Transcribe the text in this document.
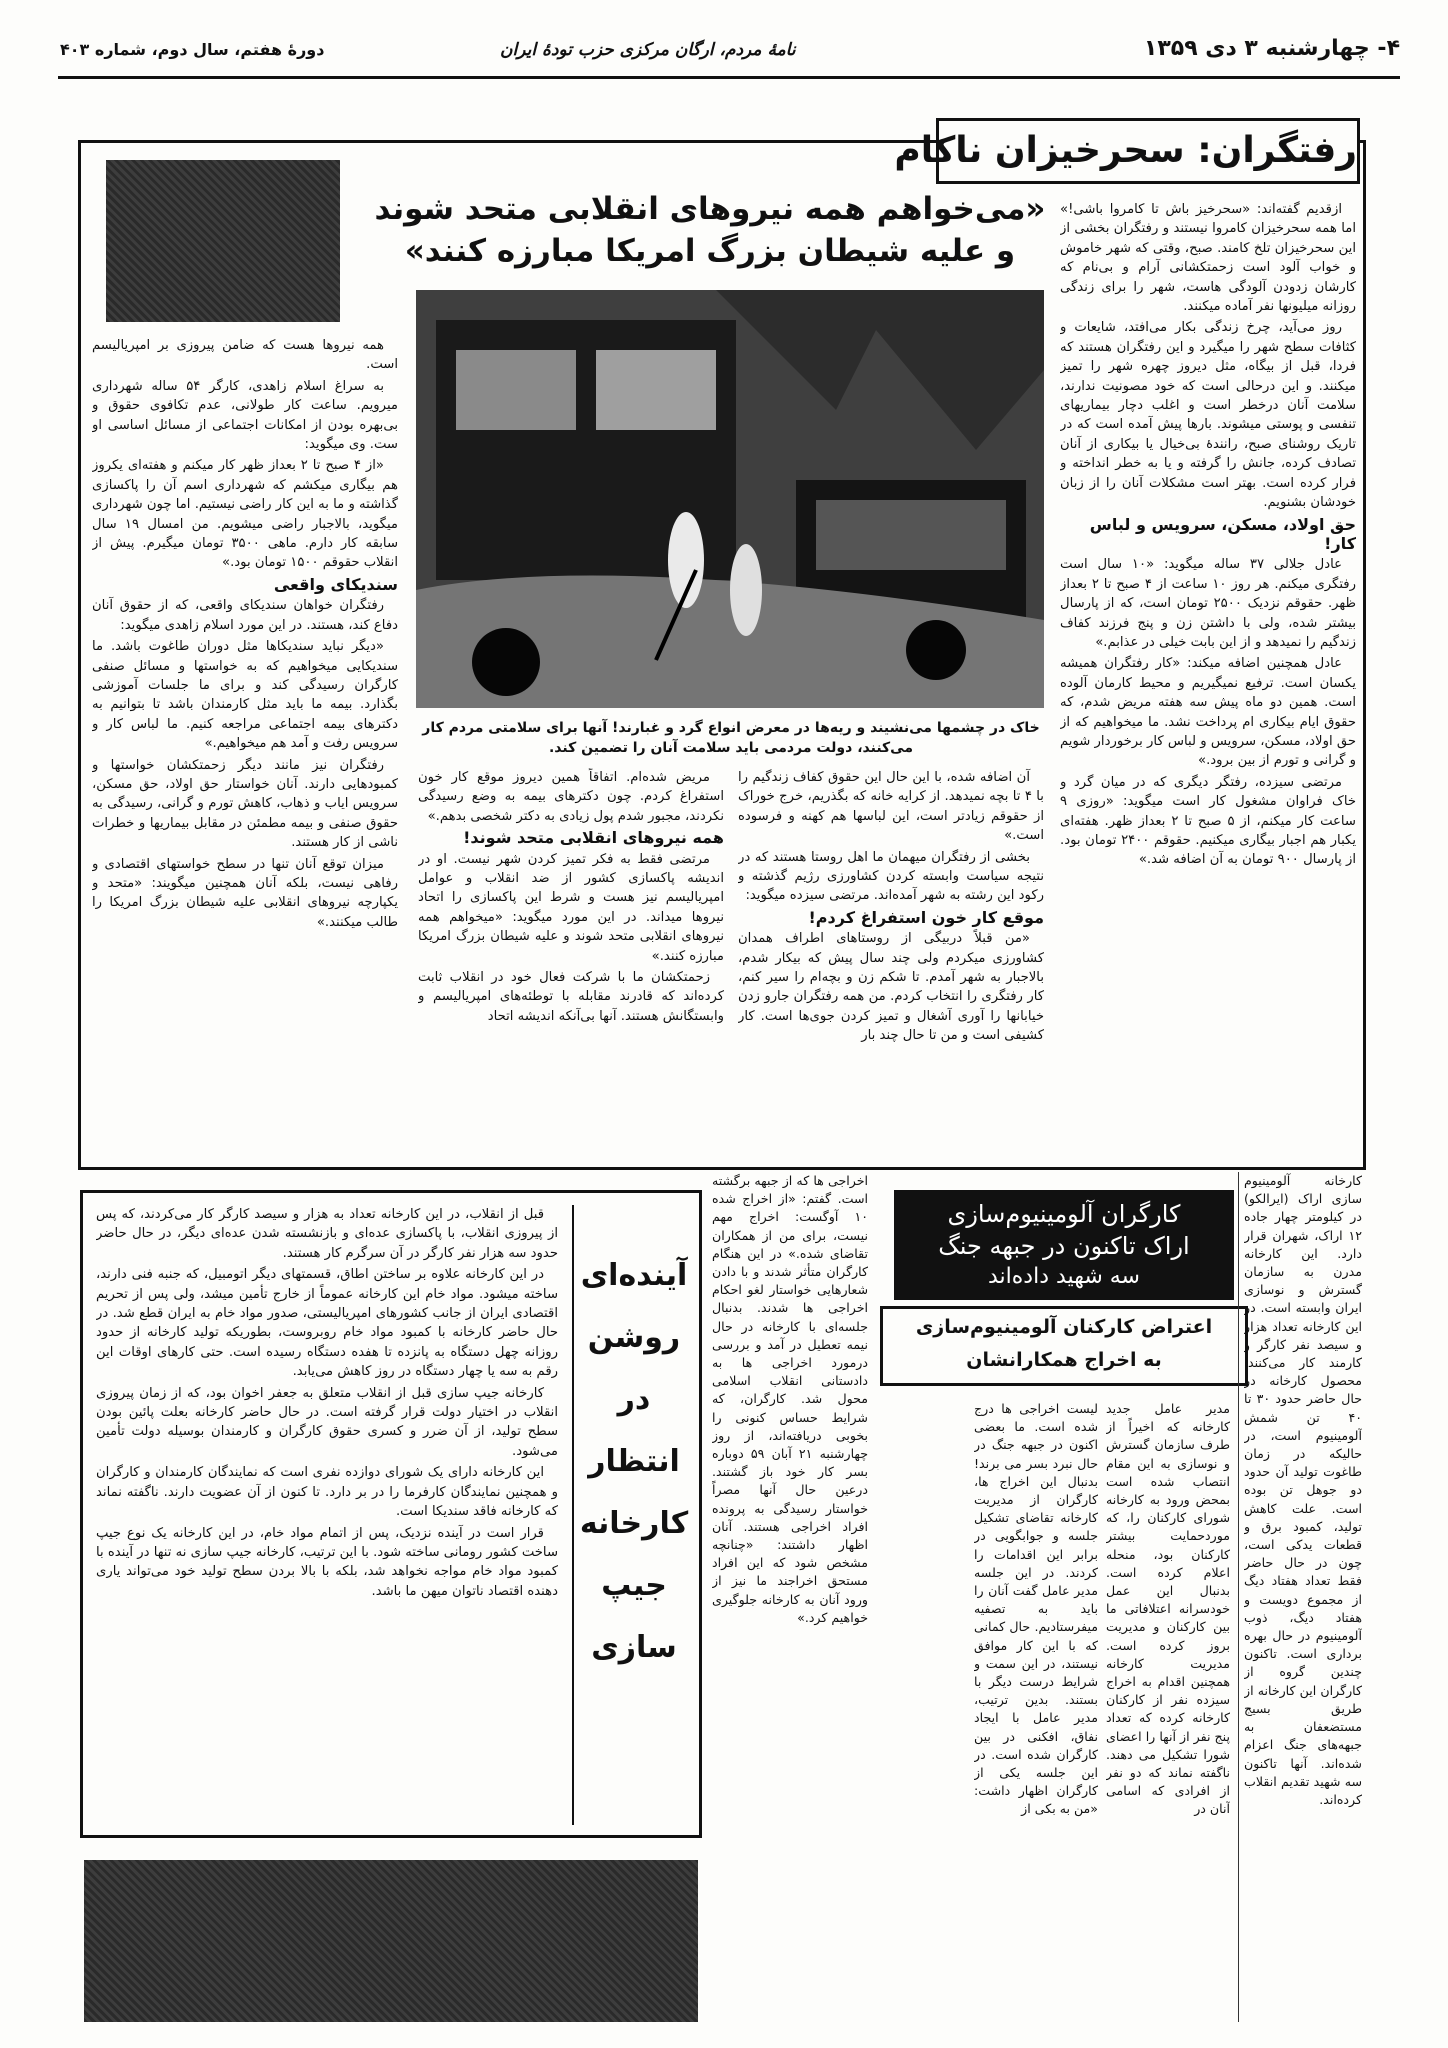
۴- چهارشنبه ۳ دی ۱۳۵۹
نامهٔ مردم، ارگان مرکزی حزب تودهٔ ایران
دورهٔ هفتم، سال دوم، شماره ۴۰۳
رفتگران: سحرخیزان ناکام
«می‌خواهم همه نیروهای انقلابی متحد شوند
و علیه شیطان بزرگ امریکا مبارزه کنند»
خاک در چشمها می‌نشیند و ریه‌ها در معرض انواع گرد و غبارند! آنها برای سلامتی مردم کار می‌کنند، دولت مردمی باید سلامت آنان را تضمین کند.

ازقدیم گفته‌اند: «سحرخیز باش تا کامروا باشی!» اما همه سحرخیزان کامروا نیستند و رفتگران بخشی از این سحرخیزان تلخ کامند. صبح، وقتی که شهر خاموش و خواب آلود است زحمتکشانی آرام و بی‌نام که کارشان زدودن آلودگی هاست، شهر را برای زندگی روزانه میلیونها نفر آماده میکنند.

روز می‌آید، چرخ زندگی بکار می‌افتد، شایعات و کثافات سطح شهر را میگیرد و این رفتگران هستند که فردا، قبل از بیگاه، مثل دیروز چهره شهر را تمیز میکنند. و این درحالی است که خود مصونیت ندارند، سلامت آنان درخطر است و اغلب دچار بیماریهای تنفسی و پوستی میشوند. بارها پیش آمده است که در تاریک روشنای صبح، رانندهٔ بی‌خیال یا بیکاری از آنان تصادف کرده، جانش را گرفته و یا به خطر انداخته و فرار کرده است. بهتر است مشکلات آنان را از زبان خودشان بشنویم.

حق اولاد، مسکن، سرویس و لباس کار!

عادل جلالی ۳۷ ساله میگوید: «۱۰ سال است رفتگری میکنم. هر روز ۱۰ ساعت از ۴ صبح تا ۲ بعداز ظهر. حقوقم نزدیک ۲۵۰۰ تومان است، که از پارسال بیشتر شده، ولی با داشتن زن و پنج فرزند کفاف زندگیم را نمیدهد و از این بابت خیلی در عذابم.»

عادل همچنین اضافه میکند: «کار رفتگران همیشه یکسان است. ترفیع نمیگیریم و محیط کارمان آلوده است. همین دو ماه پیش سه هفته مریض شدم، که حقوق ایام بیکاری ام پرداخت نشد. ما میخواهیم که از حق اولاد، مسکن، سرویس و لباس کار برخوردار شویم و گرانی و تورم از بین برود.»

مرتضی سیزده، رفتگر دیگری که در میان گرد و خاک فراوان مشغول کار است میگوید: «روزی ۹ ساعت کار میکنم، از ۵ صبح تا ۲ بعداز ظهر. هفته‌ای یکبار هم اجبار بیگاری میکنیم. حقوقم ۲۴۰۰ تومان بود. از پارسال ۹۰۰ تومان به آن اضافه شد.»

آن اضافه شده، با این حال این حقوق کفاف زندگیم را با ۴ تا بچه نمیدهد. از کرایه خانه که بگذریم، خرج خوراک از حقوقم زیادتر است، این لباسها هم کهنه و فرسوده است.»

بخشی از رفتگران میهمان ما اهل روستا هستند که در نتیجه سیاست وابسته کردن کشاورزی رژیم گذشته و رکود این رشته به شهر آمده‌اند. مرتضی سیزده میگوید:

موقع کار خون استفراغ کردم!

«من قبلاً دربیگی از روستاهای اطراف همدان کشاورزی میکردم ولی چند سال پیش که بیکار شدم، بالاجبار به شهر آمدم. تا شکم زن و بچه‌ام را سیر کنم، کار رفتگری را انتخاب کردم. من همه رفتگران جارو زدن خیابانها را آوری آشغال و تمیز کردن جوی‌ها است. کار کشیفی است و من تا حال چند بار

مریض شده‌ام. اتفاقاً همین دیروز موقع کار خون استفراغ کردم. چون دکترهای بیمه به وضع رسیدگی نکردند، مجبور شدم پول زیادی به دکتر شخصی بدهم.»

همه نیروهای انقلابی متحد شوند!

مرتضی فقط به فکر تمیز کردن شهر نیست. او در اندیشه پاکسازی کشور از ضد انقلاب و عوامل امپریالیسم نیز هست و شرط این پاکسازی را اتحاد نیروها میداند. در این مورد میگوید: «میخواهم همه نیروهای انقلابی متحد شوند و علیه شیطان بزرگ امریکا مبارزه کنند.»

زحمتکشان ما با شرکت فعال خود در انقلاب ثابت کرده‌اند که قادرند مقابله با توطئه‌های امپریالیسم و وابستگانش هستند. آنها بی‌آنکه اندیشه اتحاد

همه نیروها هست که ضامن پیروزی بر امپریالیسم است.

به سراغ اسلام زاهدی، کارگر ۵۴ ساله شهرداری میرویم. ساعت کار طولانی، عدم تکافوی حقوق و بی‌بهره بودن از امکانات اجتماعی از مسائل اساسی او ست. وی میگوید:

«از ۴ صبح تا ۲ بعداز ظهر کار میکنم و هفته‌ای یکروز هم بیگاری میکشم که شهرداری اسم آن را پاکسازی گذاشته و ما به این کار راضی نیستیم. اما چون شهرداری میگوید، بالاجبار راضی میشویم. من امسال ۱۹ سال سابقه کار دارم. ماهی ۳۵۰۰ تومان میگیرم. پیش از انقلاب حقوقم ۱۵۰۰ تومان بود.»

سندیکای واقعی

رفتگران خواهان سندیکای واقعی، که از حقوق آنان دفاع کند، هستند. در این مورد اسلام زاهدی میگوید:

«دیگر نباید سندیکاها مثل دوران طاغوت باشد. ما سندیکایی میخواهیم که به خواستها و مسائل صنفی کارگران رسیدگی کند و برای ما جلسات آموزشی بگذارد. بیمه ما باید مثل کارمندان باشد تا بتوانیم به دکترهای بیمه اجتماعی مراجعه کنیم. ما لباس کار و سرویس رفت و آمد هم میخواهیم.»

رفتگران نیز مانند دیگر زحمتکشان خواستها و کمبودهایی دارند. آنان خواستار حق اولاد، حق مسکن، سرویس ایاب و ذهاب، کاهش تورم و گرانی، رسیدگی به حقوق صنفی و بیمه مطمئن در مقابل بیماریها و خطرات ناشی از کار هستند.

میزان توقع آنان تنها در سطح خواستهای اقتصادی و رفاهی نیست، بلکه آنان همچنین میگویند: «متحد و یکپارچه نیروهای انقلابی علیه شیطان بزرگ امریکا را طالب میکنند.»

آینده‌ای
روشن
در
انتظار
کارخانه
جیپ
سازی

قبل از انقلاب، در این کارخانه تعداد به هزار و سیصد کارگر کار می‌کردند، که پس از پیروزی انقلاب، با پاکسازی عده‌ای و بازنشسته شدن عده‌ای دیگر، در حال حاضر حدود سه هزار نفر کارگر در آن سرگرم کار هستند.

در این کارخانه علاوه بر ساختن اطاق، قسمتهای دیگر اتومبیل، که جنبه فنی دارند، ساخته میشود. مواد خام این کارخانه عموماً از خارج تأمین میشد، ولی پس از تحریم اقتصادی ایران از جانب کشورهای امپریالیستی، صدور مواد خام به ایران قطع شد. در حال حاضر کارخانه با کمبود مواد خام روبروست، بطوریکه تولید کارخانه از حدود روزانه چهل دستگاه به پانزده تا هفده دستگاه رسیده است. حتی کارهای اوقات این رقم به سه یا چهار دستگاه در روز کاهش می‌یابد.

کارخانه جیپ سازی قبل از انقلاب متعلق به جعفر اخوان بود، که از زمان پیروزی انقلاب در اختیار دولت قرار گرفته است. در حال حاضر کارخانه بعلت پائین بودن سطح تولید، از آن ضرر و کسری حقوق کارگران و کارمندان بوسیله دولت تأمین می‌شود.

این کارخانه دارای یک شورای دوازده نفری است که نمایندگان کارمندان و کارگران و همچنین نمایندگان کارفرما را در بر دارد. تا کنون از آن عضویت دارند. ناگفته نماند که کارخانه فاقد سندیکا است.

قرار است در آینده نزدیک، پس از اتمام مواد خام، در این کارخانه یک نوع جیپ ساخت کشور رومانی ساخته شود. با این ترتیب، کارخانه جیپ سازی نه تنها در آینده با کمبود مواد خام مواجه نخواهد شد، بلکه با بالا بردن سطح تولید خود می‌تواند یاری دهنده اقتصاد ناتوان میهن ما باشد.

کارگران آلومینیوم‌سازی
اراک تاکنون در جبهه جنگ
سه شهید داده‌اند
اعتراض کارکنان آلومینیوم‌سازی
به اخراج همکارانشان
کارخانه آلومینیوم سازی اراک (ایرالکو) در کیلومتر چهار جاده ۱۲ اراک، شهران قرار دارد. این کارخانه مدرن به سازمان گسترش و نوسازی ایران وابسته است. در این کارخانه تعداد هزار و سیصد نفر کارگر و کارمند کار می‌کنند. محصول کارخانه در حال حاضر حدود ۳۰ تا ۴۰ تن شمش آلومینیوم است، در حالیکه در زمان طاغوت تولید آن حدود دو جوهل تن بوده است. علت کاهش تولید، کمبود برق و قطعات یدکی است، چون در حال حاضر فقط تعداد هفتاد دیگ از مجموع دویست و هفتاد دیگ، ذوب آلومینیوم در حال بهره برداری است. تاکنون چندین گروه از کارگران این کارخانه از طریق بسیج مستضعفان به جبهه‌های جنگ اعزام شده‌اند. آنها تاکنون سه شهید تقدیم انقلاب کرده‌اند.
مدیر عامل جدید کارخانه که اخیراً از طرف سازمان گسترش و نوسازی به این مقام انتصاب شده است بمحض ورود به کارخانه شورای کارکنان را، که موردحمایت بیشتر کارکنان بود، منحله اعلام کرده است. بدنبال این عمل خودسرانه اعتلافاتی ما بین کارکنان و مدیریت بروز کرده است. مدیریت کارخانه همچنین اقدام به اخراج سیزده نفر از کارکنان کارخانه کرده که تعداد پنج نفر از آنها را اعضای شورا تشکیل می دهند. ناگفته نماند که دو نفر از افرادی که اسامی آنان در
لیست اخراجی ها درج شده است. ما بعضی اکنون در جبهه جنگ در حال نبرد بسر می برند! بدنبال این اخراج ها، کارگران از مدیریت کارخانه تقاضای تشکیل جلسه و جوابگویی در برابر این اقدامات را کردند. در این جلسه مدیر عامل گفت آنان را باید به تصفیه میفرستادیم. حال کمانی که با این کار موافق نیستند، در این سمت و شرایط درست دیگر با بستند. بدین ترتیب، مدیر عامل با ایجاد نفاق، افکنی در بین کارگران شده است. در این جلسه یکی از کارگران اظهار داشت: «من به بکی از
اخراجی ها که از جبهه برگشته است. گفتم: «از اخراج شده ۱۰ آوگست: اخراج مهم نیست، برای من از همکاران تقاضای شده.» در این هنگام کارگران متأثر شدند و با دادن شعارهایی خواستار لغو احکام اخراجی ها شدند. بدنبال جلسه‌ای با کارخانه در حال نیمه تعطیل در آمد و بررسی درمورد اخراجی ها به دادستانی انقلاب اسلامی محول شد. کارگران، که شرایط حساس کنونی را بخوبی دریافته‌اند، از روز چهارشنبه ۲۱ آبان ۵۹ دوباره بسر کار خود باز گشتند. درعین حال آنها مصراً خواستار رسیدگی به پرونده افراد اخراجی هستند. آنان اظهار داشتند: «چنانچه مشخص شود که این افراد مستحق اخراجند ما نیز از ورود آنان به کارخانه جلوگیری خواهیم کرد.»
